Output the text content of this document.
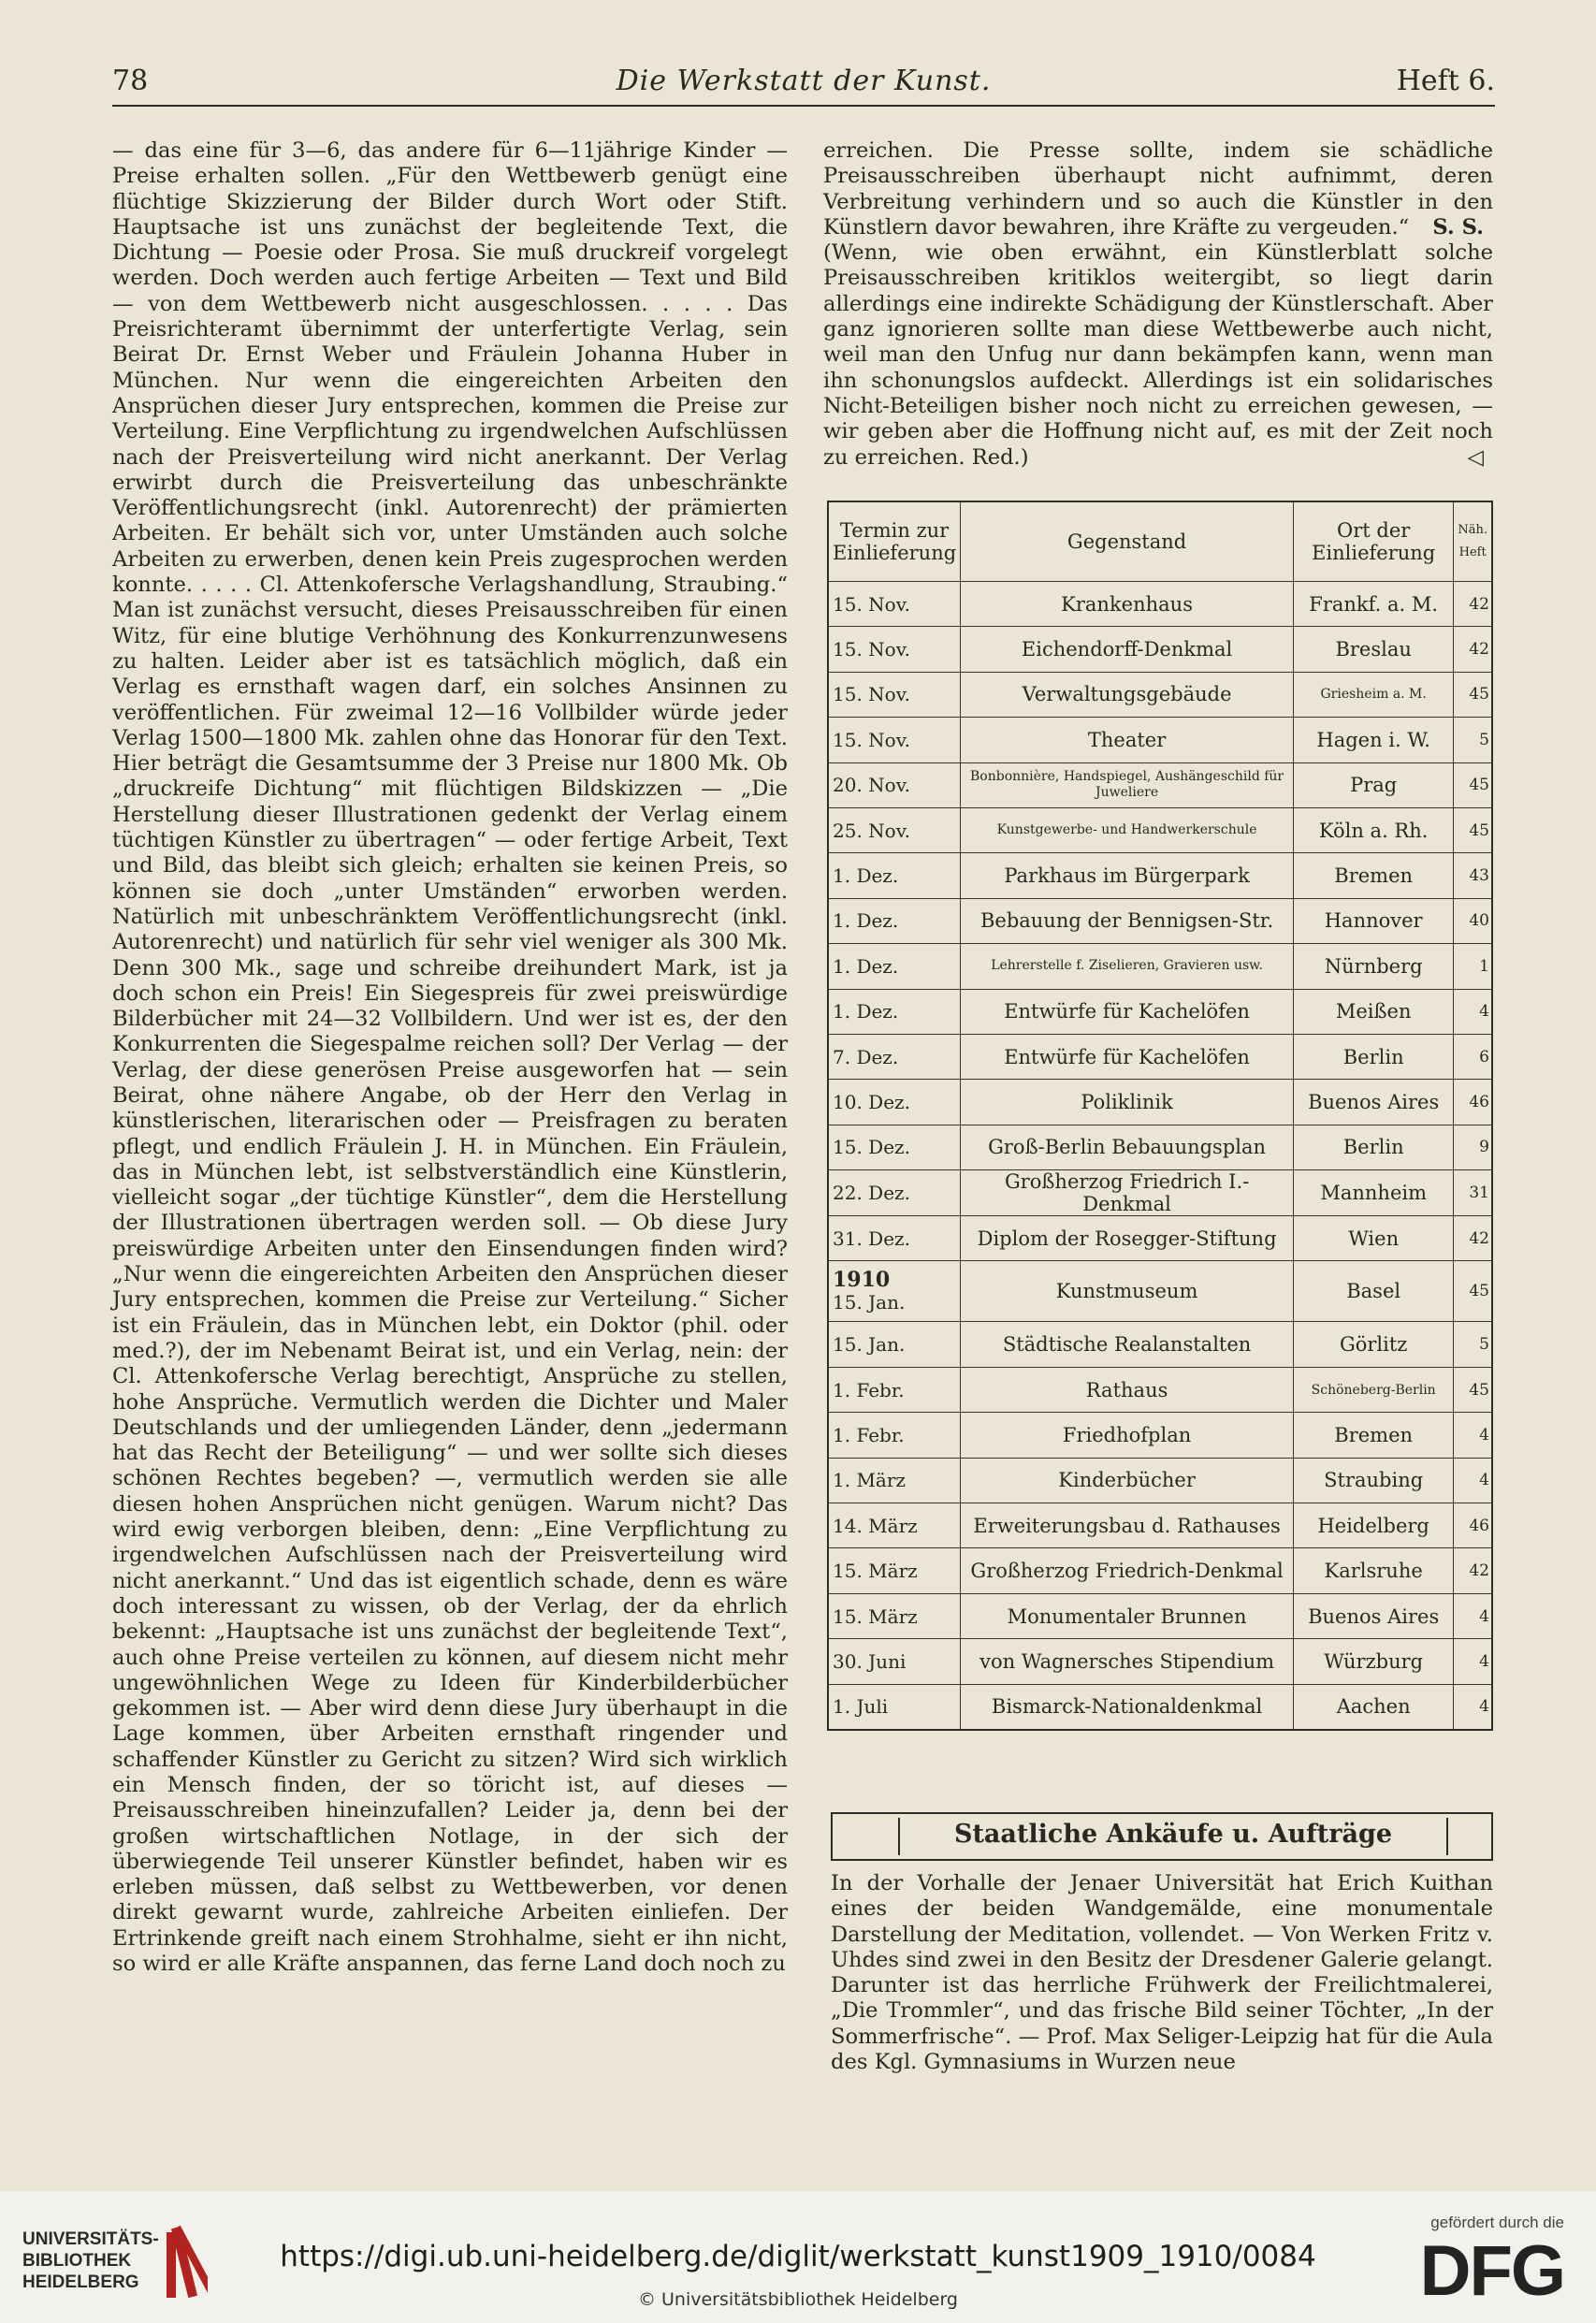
78	Die Werkstatt der Kunst.	Heft 6.

— das eine für 3—6, das andere für 6—11jährige Kinder — Preise erhalten sollen. „Für den Wettbewerb genügt eine flüchtige Skizzierung der Bilder durch Wort oder Stift. Hauptsache ist uns zunächst der begleitende Text, die Dichtung — Poesie oder Prosa. Sie muß druckreif vorgelegt werden. Doch werden auch fertige Arbeiten — Text und Bild — von dem Wettbewerb nicht ausgeschlossen. . . . . Das Preisrichteramt übernimmt der unterfertigte Verlag, sein Beirat Dr. Ernst Weber und Fräulein Johanna Huber in München. Nur wenn die eingereichten Arbeiten den Ansprüchen dieser Jury entsprechen, kommen die Preise zur Verteilung. Eine Verpflichtung zu irgendwelchen Aufschlüssen nach der Preisverteilung wird nicht anerkannt. Der Verlag erwirbt durch die Preisverteilung das unbeschränkte Veröffentlichungsrecht (inkl. Autorenrecht) der prämierten Arbeiten. Er behält sich vor, unter Umständen auch solche Arbeiten zu erwerben, denen kein Preis zugesprochen werden konnte. . . . . Cl. Attenkofersche Verlagshandlung, Straubing.“ Man ist zunächst versucht, dieses Preisausschreiben für einen Witz, für eine blutige Verhöhnung des Konkurrenzunwesens zu halten. Leider aber ist es tatsächlich möglich, daß ein Verlag es ernsthaft wagen darf, ein solches Ansinnen zu veröffentlichen. Für zweimal 12—16 Vollbilder würde jeder Verlag 1500—1800 Mk. zahlen ohne das Honorar für den Text. Hier beträgt die Gesamtsumme der 3 Preise nur 1800 Mk. Ob „druckreife Dichtung“ mit flüchtigen Bildskizzen — „Die Herstellung dieser Illustrationen gedenkt der Verlag einem tüchtigen Künstler zu übertragen“ — oder fertige Arbeit, Text und Bild, das bleibt sich gleich; erhalten sie keinen Preis, so können sie doch „unter Umständen“ erworben werden. Natürlich mit unbeschränktem Veröffentlichungsrecht (inkl. Autorenrecht) und natürlich für sehr viel weniger als 300 Mk. Denn 300 Mk., sage und schreibe dreihundert Mark, ist ja doch schon ein Preis! Ein Siegespreis für zwei preiswürdige Bilderbücher mit 24—32 Vollbildern. Und wer ist es, der den Konkurrenten die Siegespalme reichen soll? Der Verlag — der Verlag, der diese generösen Preise ausgeworfen hat — sein Beirat, ohne nähere Angabe, ob der Herr den Verlag in künstlerischen, literarischen oder — Preisfragen zu beraten pflegt, und endlich Fräulein J. H. in München. Ein Fräulein, das in München lebt, ist selbstverständlich eine Künstlerin, vielleicht sogar „der tüchtige Künstler“, dem die Herstellung der Illustrationen übertragen werden soll. — Ob diese Jury preiswürdige Arbeiten unter den Einsendungen finden wird? „Nur wenn die eingereichten Arbeiten den Ansprüchen dieser Jury entsprechen, kommen die Preise zur Verteilung.“ Sicher ist ein Fräulein, das in München lebt, ein Doktor (phil. oder med.?), der im Nebenamt Beirat ist, und ein Verlag, nein: der Cl. Attenkofersche Verlag berechtigt, Ansprüche zu stellen, hohe Ansprüche. Vermutlich werden die Dichter und Maler Deutschlands und der umliegenden Länder, denn „jedermann hat das Recht der Beteiligung“ — und wer sollte sich dieses schönen Rechtes begeben? —, vermutlich werden sie alle diesen hohen Ansprüchen nicht genügen. Warum nicht? Das wird ewig verborgen bleiben, denn: „Eine Verpflichtung zu irgendwelchen Aufschlüssen nach der Preisverteilung wird nicht anerkannt.“ Und das ist eigentlich schade, denn es wäre doch interessant zu wissen, ob der Verlag, der da ehrlich bekennt: „Hauptsache ist uns zunächst der begleitende Text“, auch ohne Preise verteilen zu können, auf diesem nicht mehr ungewöhnlichen Wege zu Ideen für Kinderbilderbücher gekommen ist. — Aber wird denn diese Jury überhaupt in die Lage kommen, über Arbeiten ernsthaft ringender und schaffender Künstler zu Gericht zu sitzen? Wird sich wirklich ein Mensch finden, der so töricht ist, auf dieses — Preisausschreiben hineinzufallen? Leider ja, denn bei der großen wirtschaftlichen Notlage, in der sich der überwiegende Teil unserer Künstler befindet, haben wir es erleben müssen, daß selbst zu Wettbewerben, vor denen direkt gewarnt wurde, zahlreiche Arbeiten einliefen. Der Ertrinkende greift nach einem Strohhalme, sieht er ihn nicht, so wird er alle Kräfte anspannen, das ferne Land doch noch zu

erreichen. Die Presse sollte, indem sie schädliche Preisausschreiben überhaupt nicht aufnimmt, deren Verbreitung verhindern und so auch die Künstler in den Künstlern davor bewahren, ihre Kräfte zu vergeuden.“ S. S.

(Wenn, wie oben erwähnt, ein Künstlerblatt solche Preisausschreiben kritiklos weitergibt, so liegt darin allerdings eine indirekte Schädigung der Künstlerschaft. Aber ganz ignorieren sollte man diese Wettbewerbe auch nicht, weil man den Unfug nur dann bekämpfen kann, wenn man ihn schonungslos aufdeckt. Allerdings ist ein solidarisches Nicht-Beteiligen bisher noch nicht zu erreichen gewesen, — wir geben aber die Hoffnung nicht auf, es mit der Zeit noch zu erreichen. Red.)	◁

Termin zur Einlieferung	Gegenstand	Ort der Einlieferung	Näh. Heft
15. Nov.	Krankenhaus	Frankf. a. M.	42
15. Nov.	Eichendorff-Denkmal	Breslau	42
15. Nov.	Verwaltungsgebäude	Griesheim a. M.	45
15. Nov.	Theater	Hagen i. W.	5
20. Nov.	Bonbonnière, Handspiegel, Aushängeschild für Juweliere	Prag	45
25. Nov.	Kunstgewerbe- und Handwerkerschule	Köln a. Rh.	45
1. Dez.	Parkhaus im Bürgerpark	Bremen	43
1. Dez.	Bebauung der Bennigsen-Str.	Hannover	40
1. Dez.	Lehrerstelle f. Ziselieren, Gravieren usw.	Nürnberg	1
1. Dez.	Entwürfe für Kachelöfen	Meißen	4
7. Dez.	Entwürfe für Kachelöfen	Berlin	6
10. Dez.	Poliklinik	Buenos Aires	46
15. Dez.	Groß-Berlin Bebauungsplan	Berlin	9
22. Dez.	Großherzog Friedrich I.-Denkmal	Mannheim	31
31. Dez.	Diplom der Rosegger-Stiftung	Wien	42

1910
15. Jan.	Kunstmuseum	Basel	45
15. Jan.	Städtische Realanstalten	Görlitz	5
1. Febr.	Rathaus	Schöneberg-Berlin	45
1. Febr.	Friedhofplan	Bremen	4
1. März	Kinderbücher	Straubing	4
14. März	Erweiterungsbau d. Rathauses	Heidelberg	46
15. März	Großherzog Friedrich-Denkmal	Karlsruhe	42
15. März	Monumentaler Brunnen	Buenos Aires	4
30. Juni	von Wagnersches Stipendium	Würzburg	4
1. Juli	Bismarck-Nationaldenkmal	Aachen	4
Staatliche Ankäufe u. Aufträge
In der Vorhalle der Jenaer Universität hat Erich Kuithan eines der beiden Wandgemälde, eine monumentale Darstellung der Meditation, vollendet. — Von Werken Fritz v. Uhdes sind zwei in den Besitz der Dresdener Galerie gelangt. Darunter ist das herrliche Frühwerk der Freilichtmalerei, „Die Trommler“, und das frische Bild seiner Töchter, „In der Sommerfrische“. — Prof. Max Seliger-Leipzig hat für die Aula des Kgl. Gymnasiums in Wurzen neue
UNIVERSITÄTS-BIBLIOTHEK HEIDELBERG
https://digi.ub.uni-heidelberg.de/diglit/werkstatt_kunst1909_1910/0084
© Universitätsbibliothek Heidelberg
gefördert durch die
DFG
